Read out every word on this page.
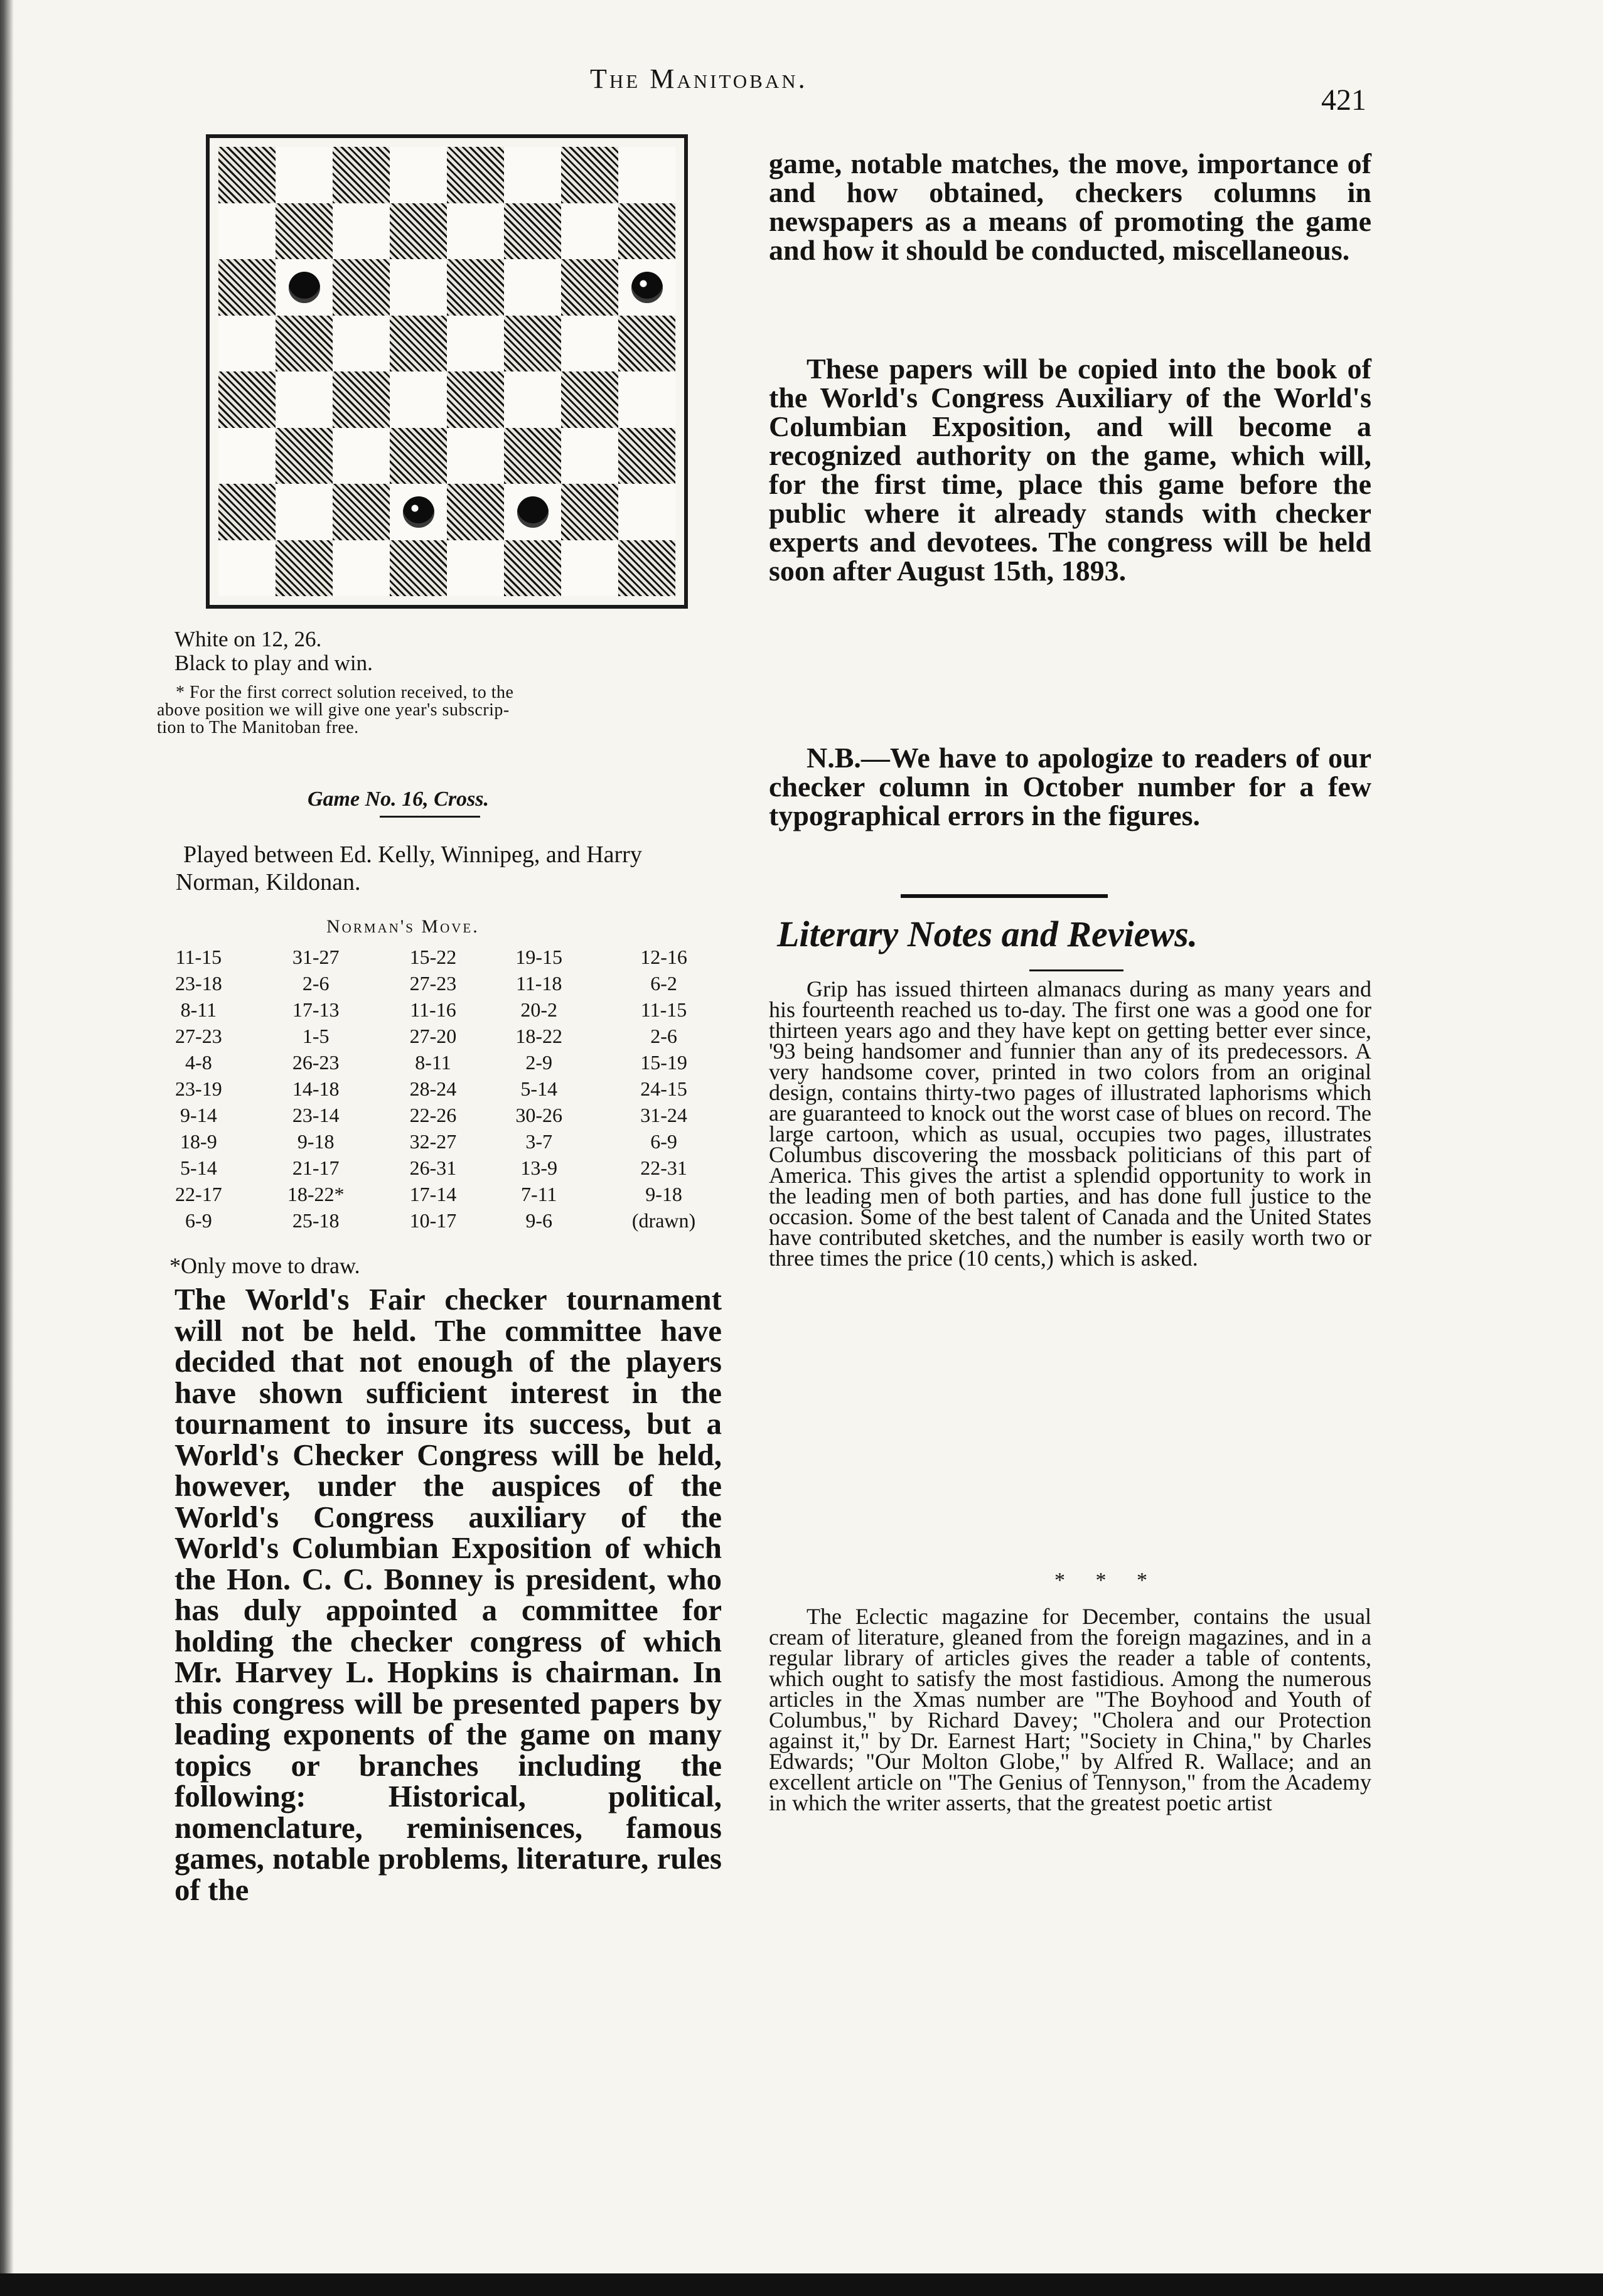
The Manitoban.
421
White on 12, 26.
Black to play and win.
* For the first correct solution received, to the
above position we will give one year's subscrip-
tion to The Manitoban free.
Game No. 16, Cross.
Played between Ed. Kelly, Winnipeg, and Harry Norman, Kildonan.
Norman's Move.
11-15	31-27	15-22	19-15	12-16
23-18	2-6	27-23	11-18	6-2
8-11	17-13	11-16	20-2	11-15
27-23	1-5	27-20	18-22	2-6
4-8	26-23	8-11	2-9	15-19
23-19	14-18	28-24	5-14	24-15
9-14	23-14	22-26	30-26	31-24
18-9	9-18	32-27	3-7	6-9
5-14	21-17	26-31	13-9	22-31
22-17	18-22*	17-14	7-11	9-18
6-9	25-18	10-17	9-6	(drawn)
*Only move to draw.
The World's Fair checker tournament will not be held. The committee have decided that not enough of the players have shown sufficient interest in the tournament to insure its success, but a World's Checker Congress will be held, however, under the auspices of the World's Congress auxiliary of the World's Columbian Exposition of which the Hon. C. C. Bonney is president, who has duly appointed a committee for holding the checker congress of which Mr. Harvey L. Hopkins is chairman. In this congress will be presented papers by leading exponents of the game on many topics or branches including the following: Historical, political, nomenclature, reminisences, famous games, notable problems, literature, rules of the
game, notable matches, the move, importance of and how obtained, checkers columns in newspapers as a means of promoting the game and how it should be conducted, miscellaneous.
These papers will be copied into the book of the World's Congress Auxiliary of the World's Columbian Exposition, and will become a recognized authority on the game, which will, for the first time, place this game before the public where it already stands with checker experts and devotees. The congress will be held soon after August 15th, 1893.
N.B.—We have to apologize to readers of our checker column in October number for a few typographical errors in the figures.
Literary Notes and Reviews.
Grip has issued thirteen almanacs during as many years and his fourteenth reached us to-day. The first one was a good one for thirteen years ago and they have kept on getting better ever since, '93 being handsomer and funnier than any of its predecessors. A very handsome cover, printed in two colors from an original design, contains thirty-two pages of illustrated laphorisms which are guaranteed to knock out the worst case of blues on record. The large cartoon, which as usual, occupies two pages, illustrates Columbus discovering the mossback politicians of this part of America. This gives the artist a splendid opportunity to work in the leading men of both parties, and has done full justice to the occasion. Some of the best talent of Canada and the United States have contributed sketches, and the number is easily worth two or three times the price (10 cents,) which is asked.
* * *
The Eclectic magazine for December, contains the usual cream of literature, gleaned from the foreign magazines, and in a regular library of articles gives the reader a table of contents, which ought to satisfy the most fastidious. Among the numerous articles in the Xmas number are "The Boyhood and Youth of Columbus," by Richard Davey; "Cholera and our Protection against it," by Dr. Earnest Hart; "Society in China," by Charles Edwards; "Our Molton Globe," by Alfred R. Wallace; and an excellent article on "The Genius of Tennyson," from the Academy in which the writer asserts, that the greatest poetic artist
